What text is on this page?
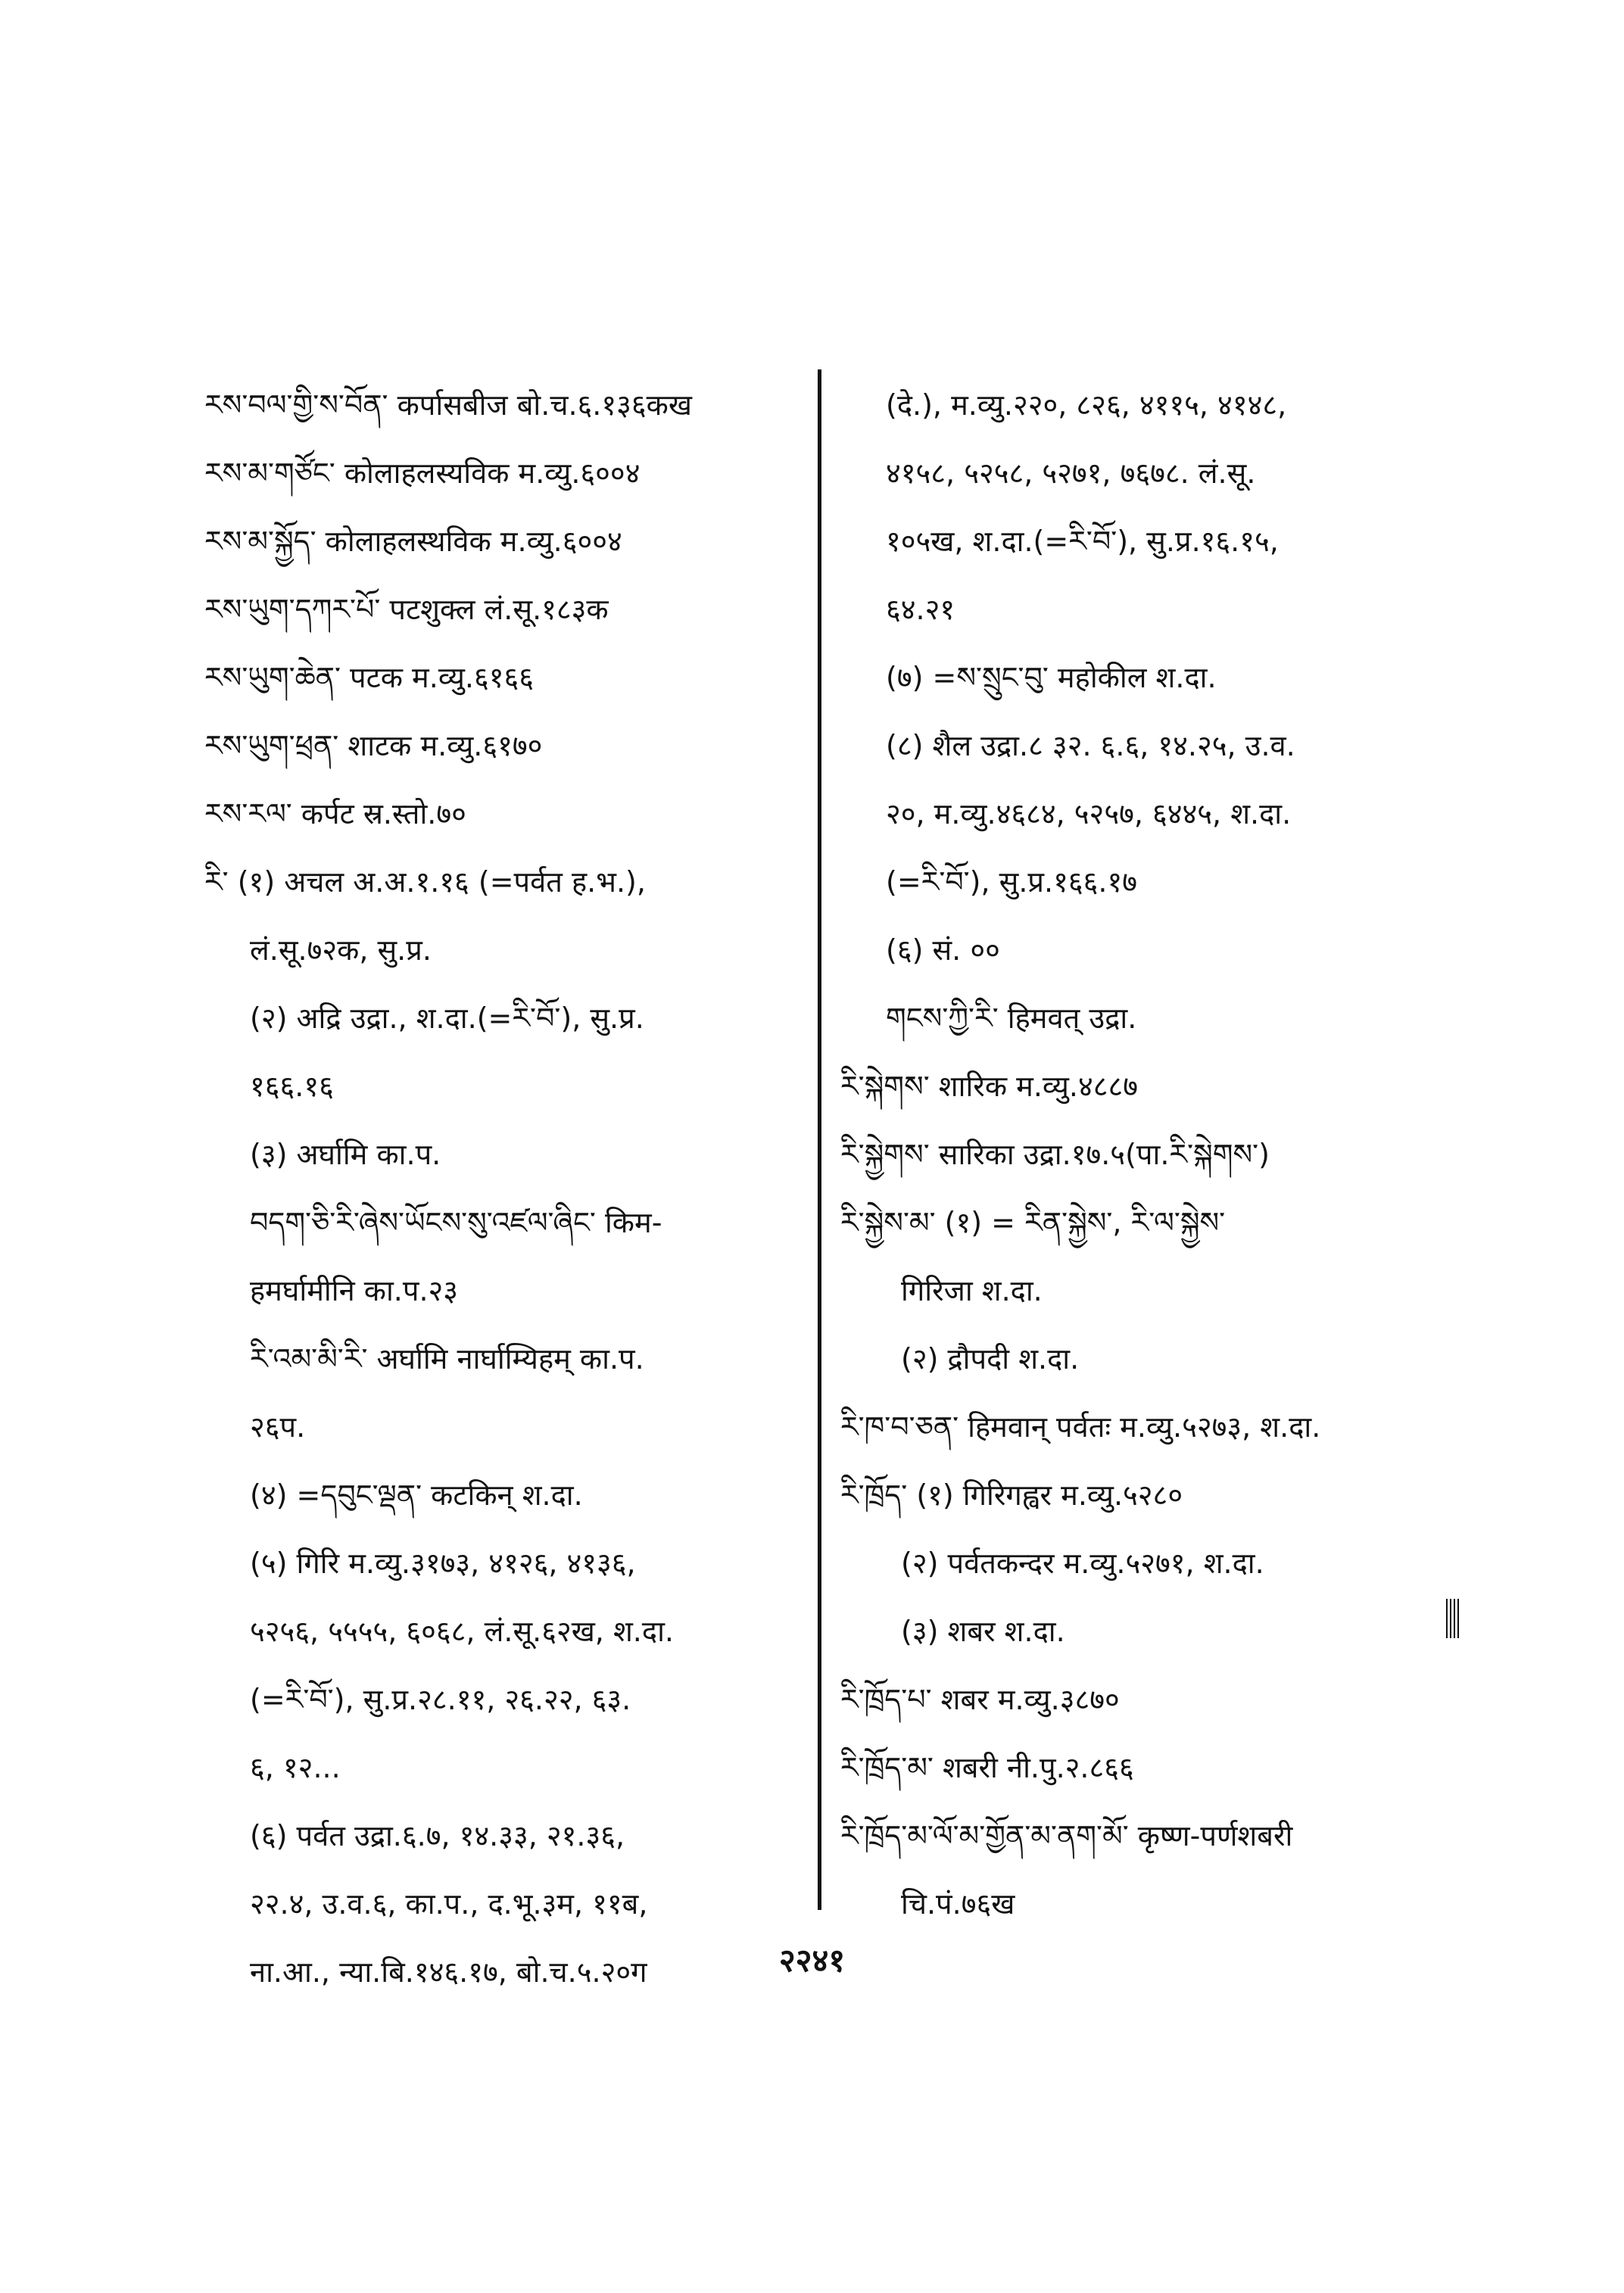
རས་བལ་གྱི་ས་བོན་ कर्पासबीज बो.च.६.१३६कख
རས་མ་གཙོང་ कोलाहलस्यविक म.व्यु.६००४
རས་མ་སྐྱོད་ कोलाहलस्थविक म.व्यु.६००४
རས་ཡུག་དཀར་པོ་ पटशुक्ल लं.सू.१८३क
རས་ཡུག་ཆེན་ पटक म.व्यु.६१६६
རས་ཡུག་ཕྲན་ शाटक म.व्यु.६१७०
རས་རལ་ कर्पट स्र.स्तो.७०
རི་ (१) अचल अ.अ.१.१६ (=पर्वत ह.भ.),
लं.सू.७२क, सु.प्र.
(२) अद्रि उद्रा., श.दा.(=རི་བོ་), सु.प्र.
१६६.१६
(३) अर्घामि का.प.
བདག་ཅི་རི་ཞེས་ཡོངས་སུ་འཛལ་ཞིང་ किम-
हमर्घामीनि का.प.२३
རི་འམ་མི་རི་ अर्घामि नार्घाम्यिहम् का.प.
२६प.
(४) =དབུང་ལྡན་ कटकिन् श.दा.
(५) गिरि म.व्यु.३१७३, ४१२६, ४१३६,
५२५६, ५५५५, ६०६८, लं.सू.६२ख, श.दा.
(=རི་བོ་), सु.प्र.२८.११, २६.२२, ६३.
६, १२...
(६) पर्वत उद्रा.६.७, १४.३३, २१.३६,
२२.४, उ.व.६, का.प., द.भू.३म, ११ब,
ना.आ., न्या.बि.१४६.१७, बो.च.५.२०ग
(दे.), म.व्यु.२२०, ८२६, ४११५, ४१४८,
४१५८, ५२५८, ५२७१, ७६७८. लं.सू.
१०५ख, श.दा.(=རི་བོ་), सु.प्र.१६.१५,
६४.२१
(७) =ས་སྲུང་བུ་ महोकील श.दा.
(८) शैल उद्रा.८ ३२. ६.६, १४.२५, उ.व.
२०, म.व्यु.४६८४, ५२५७, ६४४५, श.दा.
(=རི་བོ་), सु.प्र.१६६.१७
(६) सं. ००
གངས་ཀྱི་རི་ हिमवत् उद्रा.
རི་སྐེགས་ शारिक म.व्यु.४८८७
རི་སྐྱེགས་ सारिका उद्रा.१७.५(पा.རི་སྐེགས་)
རི་སྐྱེས་མ་ (१) = རིན་སྐྱེས་, རི་ལ་སྐྱེས་
गिरिजा श.दा.
(२) द्रौपदी श.दा.
རི་ཁ་བ་ཅན་ हिमवान् पर्वतः म.व्यु.५२७३, श.दा.
རི་ཁྲོད་ (१) गिरिगह्वर म.व्यु.५२८०
(२) पर्वतकन्दर म.व्यु.५२७१, श.दा.
(३) शबर श.दा.
རི་ཁྲོད་པ་ शबर म.व्यु.३८७०
རི་ཁྲོད་མ་ शबरी नी.पु.२.८६६
རི་ཁྲོད་མ་ལོ་མ་གྱོན་མ་ནག་མོ་ कृष्ण-पर्णशबरी
चि.पं.७६ख
२२४१
